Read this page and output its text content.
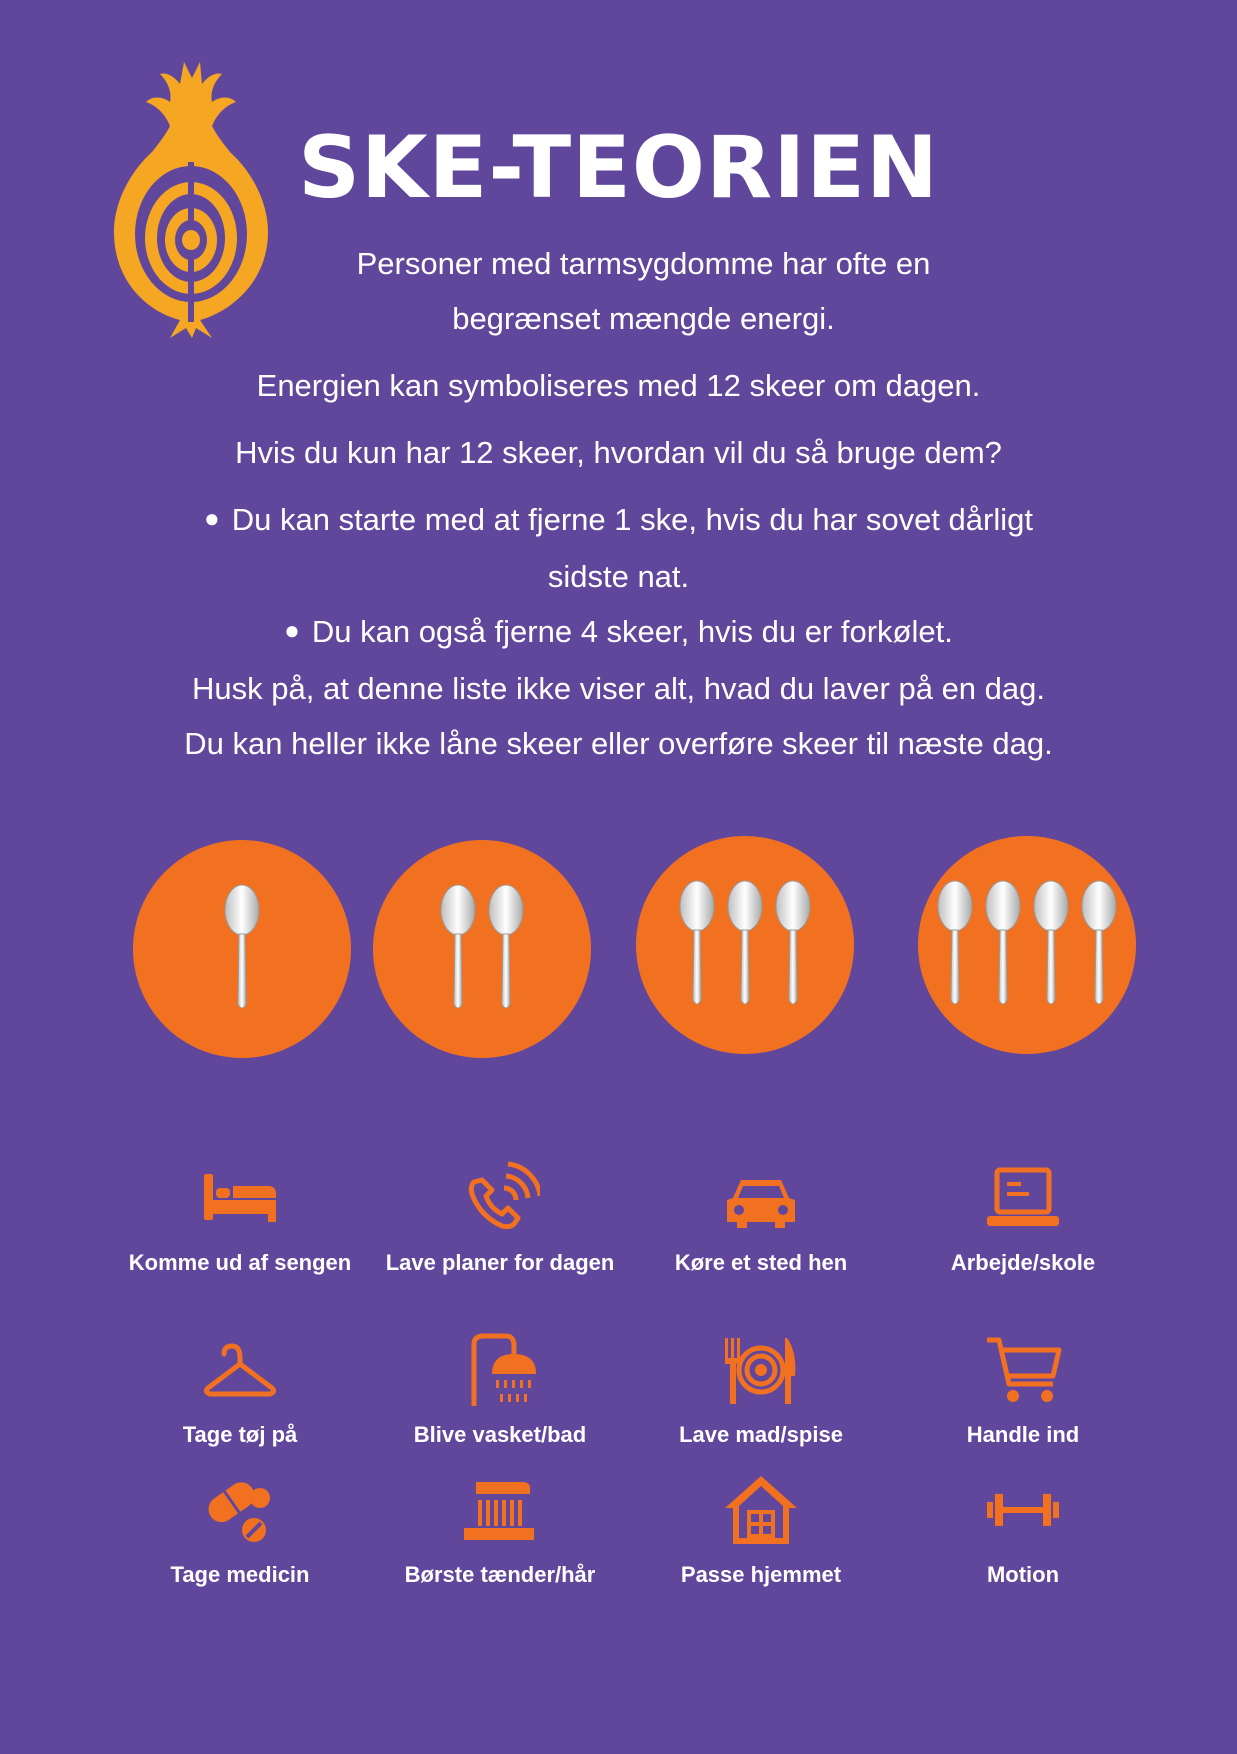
SKE-TEORIEN

Personer med tarmsygdomme har ofte en

begrænset mængde energi.

Energien kan symboliseres med 12 skeer om dagen.

Hvis du kun har 12 skeer, hvordan vil du så bruge dem?

● Du kan starte med at fjerne 1 ske, hvis du har sovet dårligt

sidste nat.

● Du kan også fjerne 4 skeer, hvis du er forkølet.

Husk på, at denne liste ikke viser alt, hvad du laver på en dag.

Du kan heller ikke låne skeer eller overføre skeer til næste dag.

Komme ud af sengen	Lave planer for dagen	Køre et sted hen	Arbejde/skole
Tage tøj på	Blive vasket/bad	Lave mad/spise	Handle ind
Tage medicin	Børste tænder/hår	Passe hjemmet	Motion
